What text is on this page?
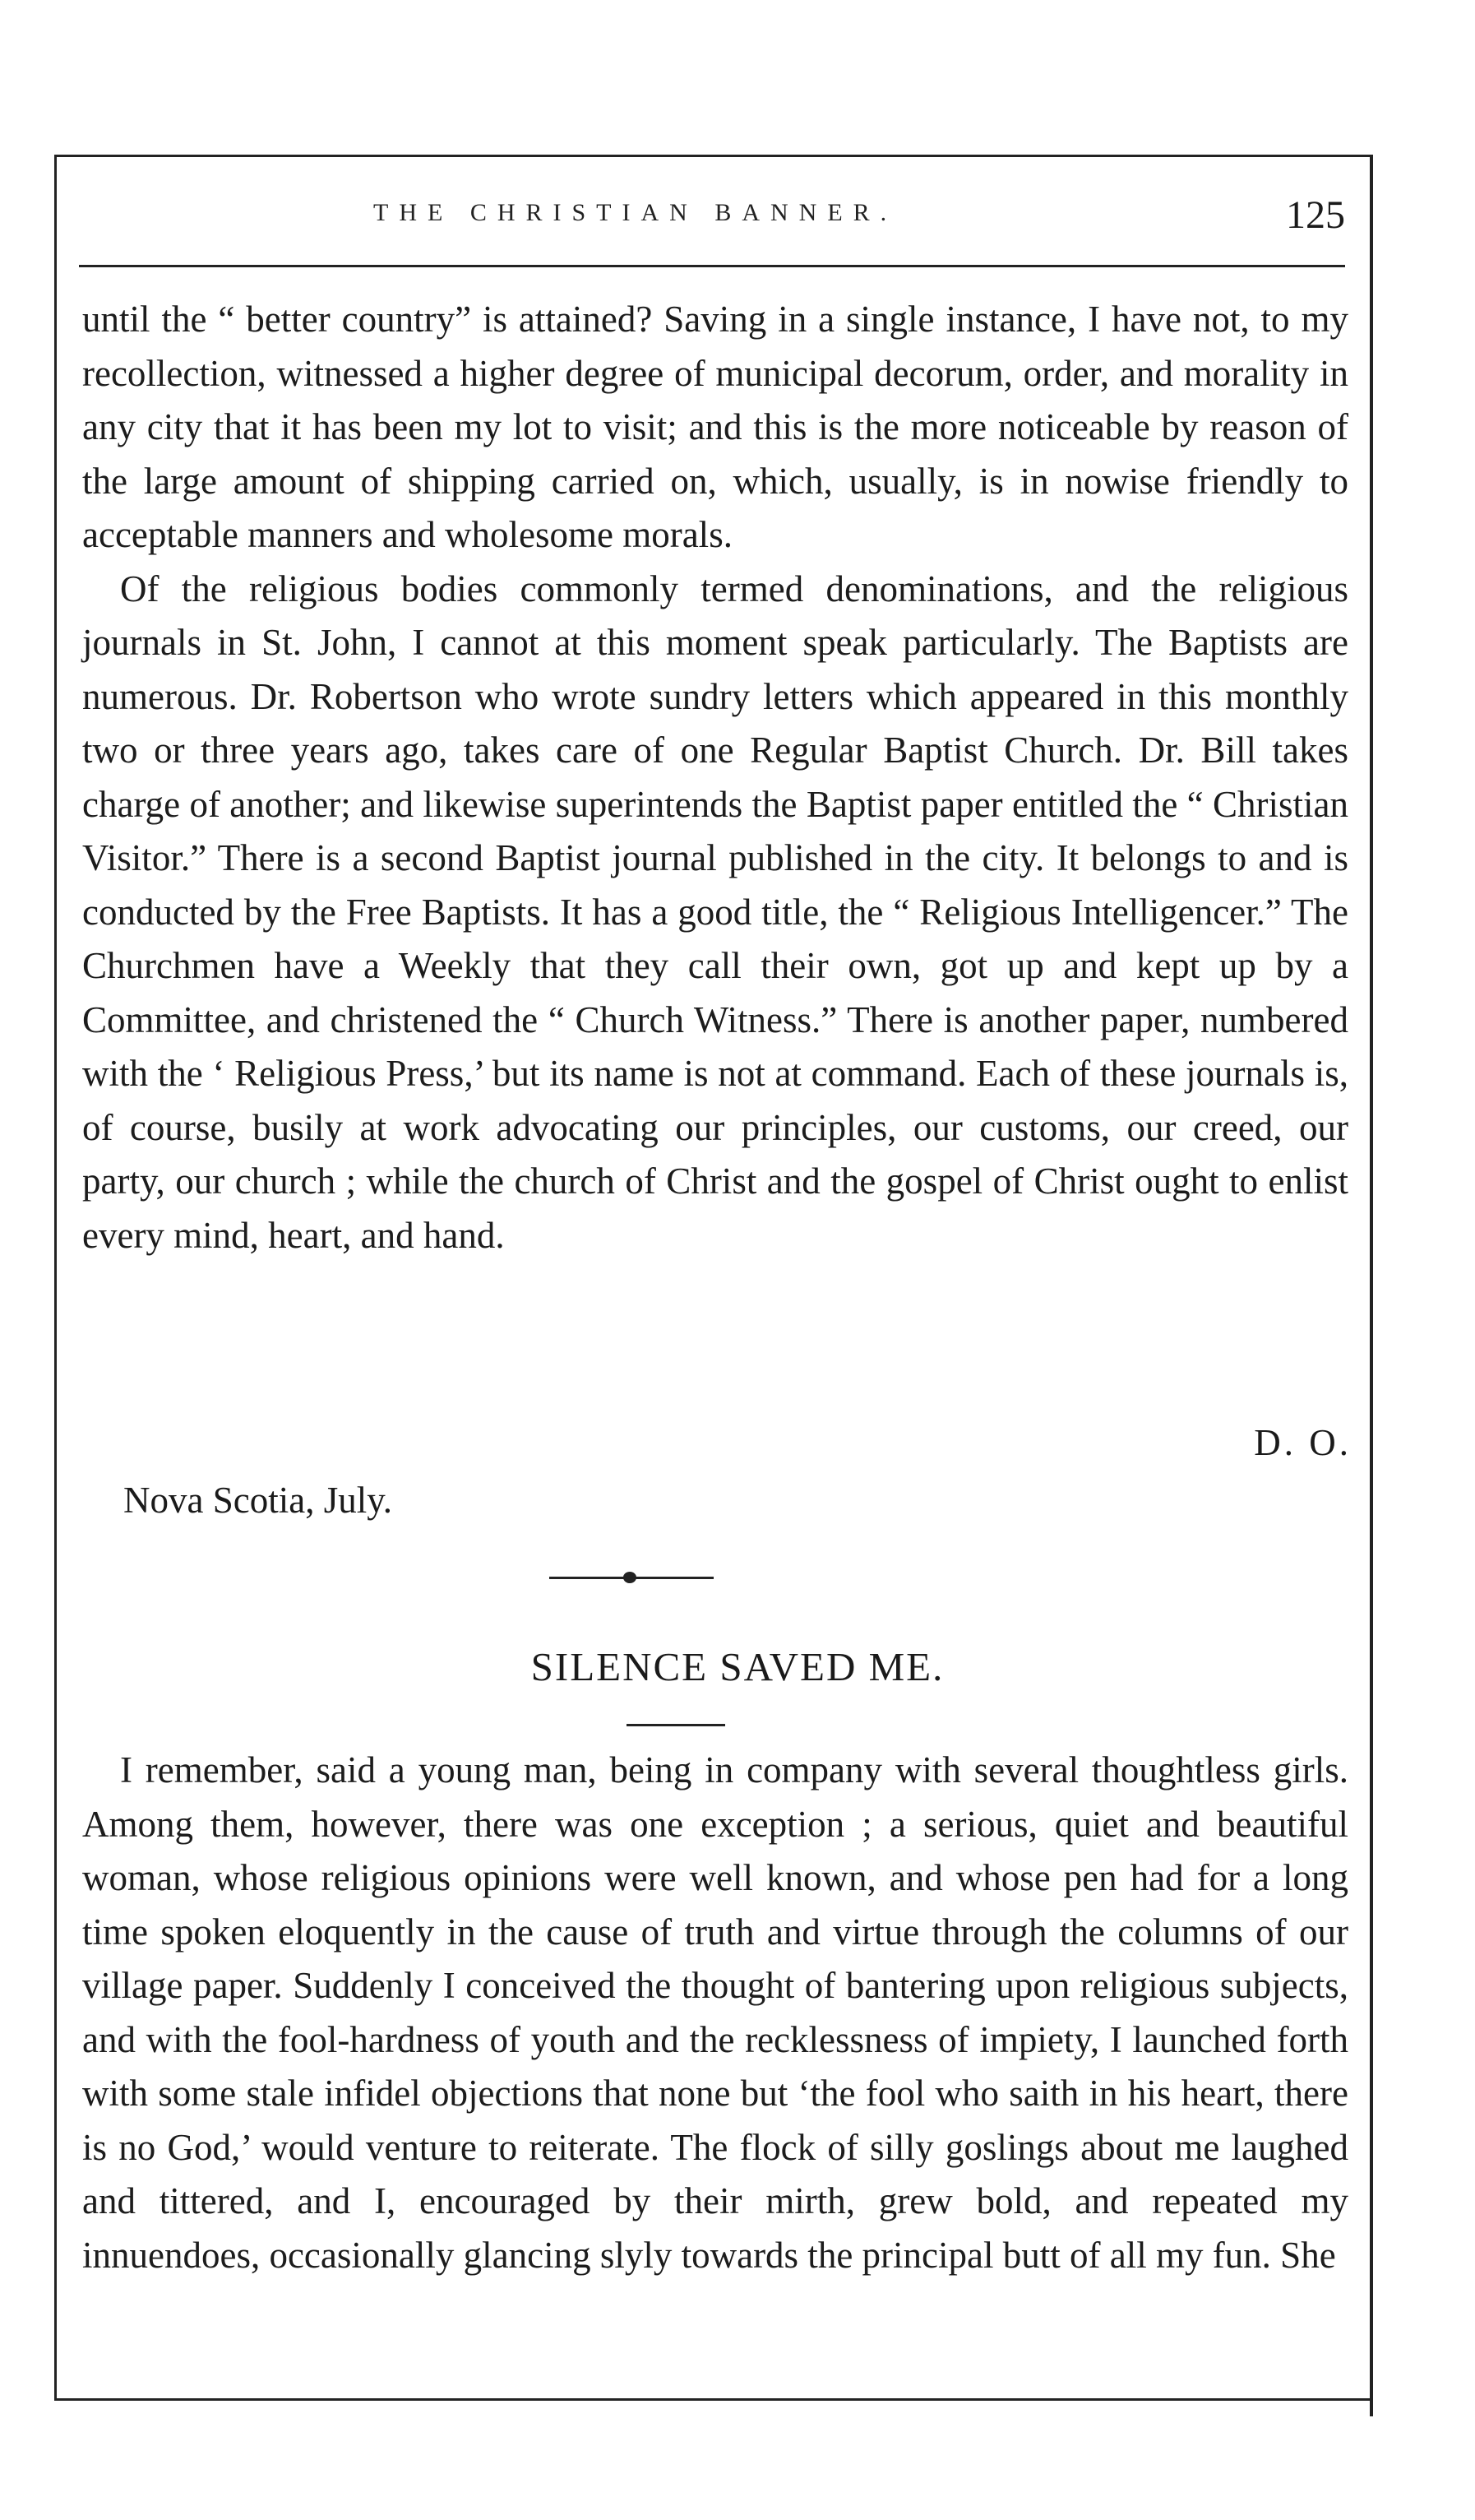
THE CHRISTIAN BANNER.	125

until the “ better country” is attained? Saving in a single instance, I have not, to my recollection, witnessed a higher degree of municipal decorum, order, and morality in any city that it has been my lot to visit; and this is the more noticeable by reason of the large amount of shipping carried on, which, usually, is in nowise friendly to acceptable manners and wholesome morals.

Of the religious bodies commonly termed denominations, and the religious journals in St. John, I cannot at this moment speak particularly. The Baptists are numerous. Dr. Robertson who wrote sundry letters which appeared in this monthly two or three years ago, takes care of one Regular Baptist Church. Dr. Bill takes charge of another; and likewise superintends the Baptist paper entitled the “ Christian Visitor.” There is a second Baptist journal published in the city. It belongs to and is conducted by the Free Baptists. It has a good title, the “ Religious Intelligencer.” The Churchmen have a Weekly that they call their own, got up and kept up by a Committee, and christened the “ Church Witness.” There is another paper, numbered with the ‘ Religious Press,’ but its name is not at command. Each of these journals is, of course, busily at work advocating our principles, our customs, our creed, our party, our church ; while the church of Christ and the gospel of Christ ought to enlist every mind, heart, and hand.

D. O.
Nova Scotia, July.
SILENCE SAVED ME.

I remember, said a young man, being in company with several thoughtless girls. Among them, however, there was one exception ; a serious, quiet and beautiful woman, whose religious opinions were well known, and whose pen had for a long time spoken eloquently in the cause of truth and virtue through the columns of our village paper. Suddenly I conceived the thought of bantering upon religious subjects, and with the fool-hardness of youth and the recklessness of impiety, I launched forth with some stale infidel objections that none but ‘the fool who saith in his heart, there is no God,’ would venture to reiterate. The flock of silly goslings about me laughed and tittered, and I, encouraged by their mirth, grew bold, and repeated my innuendoes, occasionally glancing slyly towards the principal butt of all my fun. She
